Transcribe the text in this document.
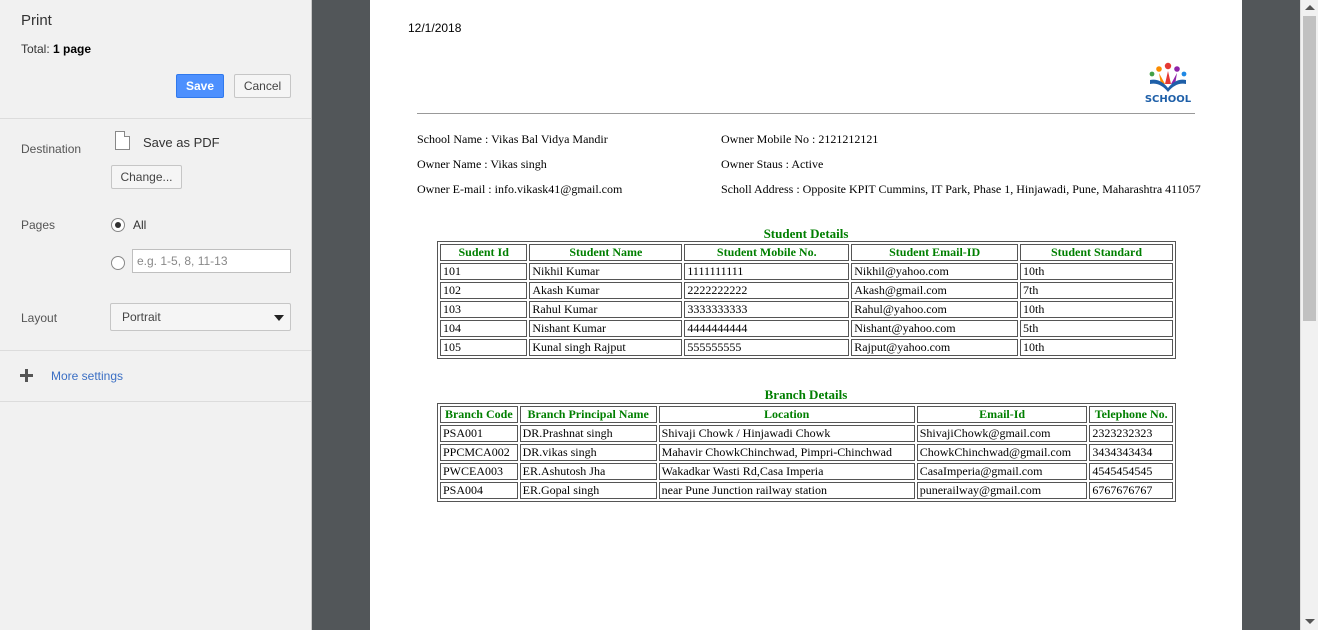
Print
Total: 1 page
Save	Cancel
Destination	Save as PDF
Change...
Pages	All
e.g. 1-5, 8, 11-13
Layout	Portrait
More settings
12/1/2018
SCHOOL
School Name : Vikas Bal Vidya Mandir
Owner Name : Vikas singh
Owner E-mail : info.vikask41@gmail.com
Owner Mobile No : 2121212121
Owner Staus : Active
Scholl Address : Opposite KPIT Cummins, IT Park, Phase 1, Hinjawadi, Pune, Maharashtra 411057
Student Details
Sudent Id	Student Name	Student Mobile No.	Student Email-ID	Student Standard
101	Nikhil Kumar	1111111111	Nikhil@yahoo.com	10th
102	Akash Kumar	2222222222	Akash@gmail.com	7th
103	Rahul Kumar	3333333333	Rahul@yahoo.com	10th
104	Nishant Kumar	4444444444	Nishant@yahoo.com	5th
105	Kunal singh Rajput	555555555	Rajput@yahoo.com	10th
Branch Details
Branch Code	Branch Principal Name	Location	Email-Id	Telephone No.
PSA001	DR.Prashnat singh	Shivaji Chowk / Hinjawadi Chowk	ShivajiChowk@gmail.com	2323232323
PPCMCA002	DR.vikas singh	Mahavir ChowkChinchwad, Pimpri-Chinchwad	ChowkChinchwad@gmail.com	3434343434
PWCEA003	ER.Ashutosh Jha	Wakadkar Wasti Rd,Casa Imperia	CasaImperia@gmail.com	4545454545
PSA004	ER.Gopal singh	near Pune Junction railway station	punerailway@gmail.com	6767676767
